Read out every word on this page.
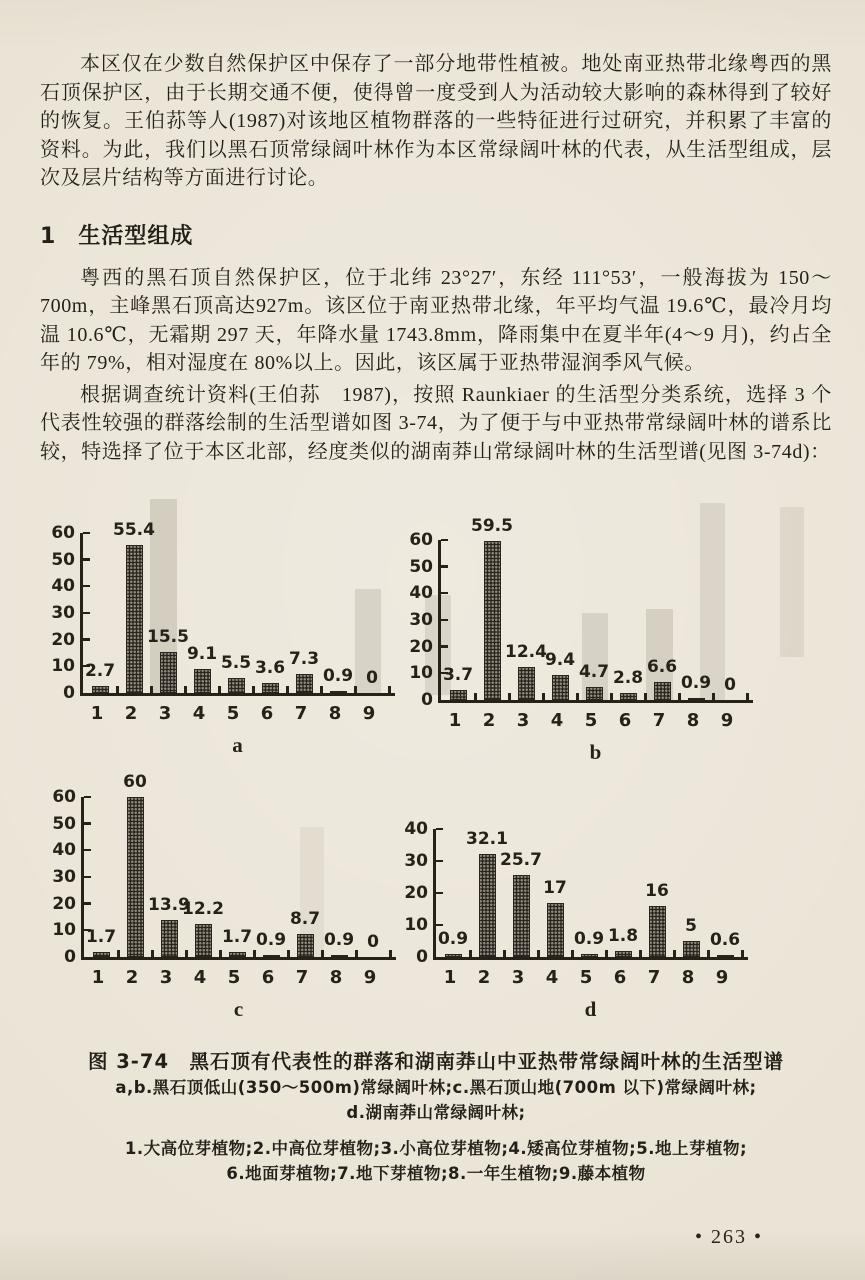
本区仅在少数自然保护区中保存了一部分地带性植被。地处南亚热带北缘粤西的黑石顶保护区，由于长期交通不便，使得曾一度受到人为活动较大影响的森林得到了较好的恢复。王伯荪等人(1987)对该地区植物群落的一些特征进行过研究，并积累了丰富的资料。为此，我们以黑石顶常绿阔叶林作为本区常绿阔叶林的代表，从生活型组成，层次及层片结构等方面进行讨论。

1 生活型组成

粤西的黑石顶自然保护区，位于北纬 23°27′，东经 111°53′，一般海拔为 150～700m，主峰黑石顶高达927m。该区位于南亚热带北缘，年平均气温 19.6℃，最冷月均温 10.6℃，无霜期 297 天，年降水量 1743.8mm，降雨集中在夏半年(4～9 月)，约占全年的 79%，相对湿度在 80%以上。因此，该区属于亚热带湿润季风气候。

根据调查统计资料(王伯荪　1987)，按照 Raunkiaer 的生活型分类系统，选择 3 个代表性较强的群落绘制的生活型谱如图 3-74，为了便于与中亚热带常绿阔叶林的谱系比较，特选择了位于本区北部，经度类似的湖南莽山常绿阔叶林的生活型谱(见图 3-74d)：

0
10
20
30
40
50
60
2.7
55.4
15.5
9.1 5.5 3.6 7.3
0.9 0
1	2	3	4	5	6	7	8	9
a
0
10
20
30
40
50
60
3.7
59.5
12.4
9.4
4.7 2.8
6.6
0.9 0
1	2	3	4	5	6	7	8	9
b
0
10
20
30
40
50
60
1.7
60
13.9
12.2
1.7 0.9
8.7
0.9 0
1	2	3	4	5	6	7	8	9
c
0
10
20
30
40
0.9
32.1
25.7
17
0.9 1.8
16
5
0.6
1	2	3	4	5	6	7	8	9
d

图 3-74　黑石顶有代表性的群落和湖南莽山中亚热带常绿阔叶林的生活型谱

a,b.黑石顶低山(350～500m)常绿阔叶林;c.黑石顶山地(700m 以下)常绿阔叶林;

d.湖南莽山常绿阔叶林;

1.大高位芽植物;2.中高位芽植物;3.小高位芽植物;4.矮高位芽植物;5.地上芽植物;

6.地面芽植物;7.地下芽植物;8.一年生植物;9.藤本植物

• 263 •
